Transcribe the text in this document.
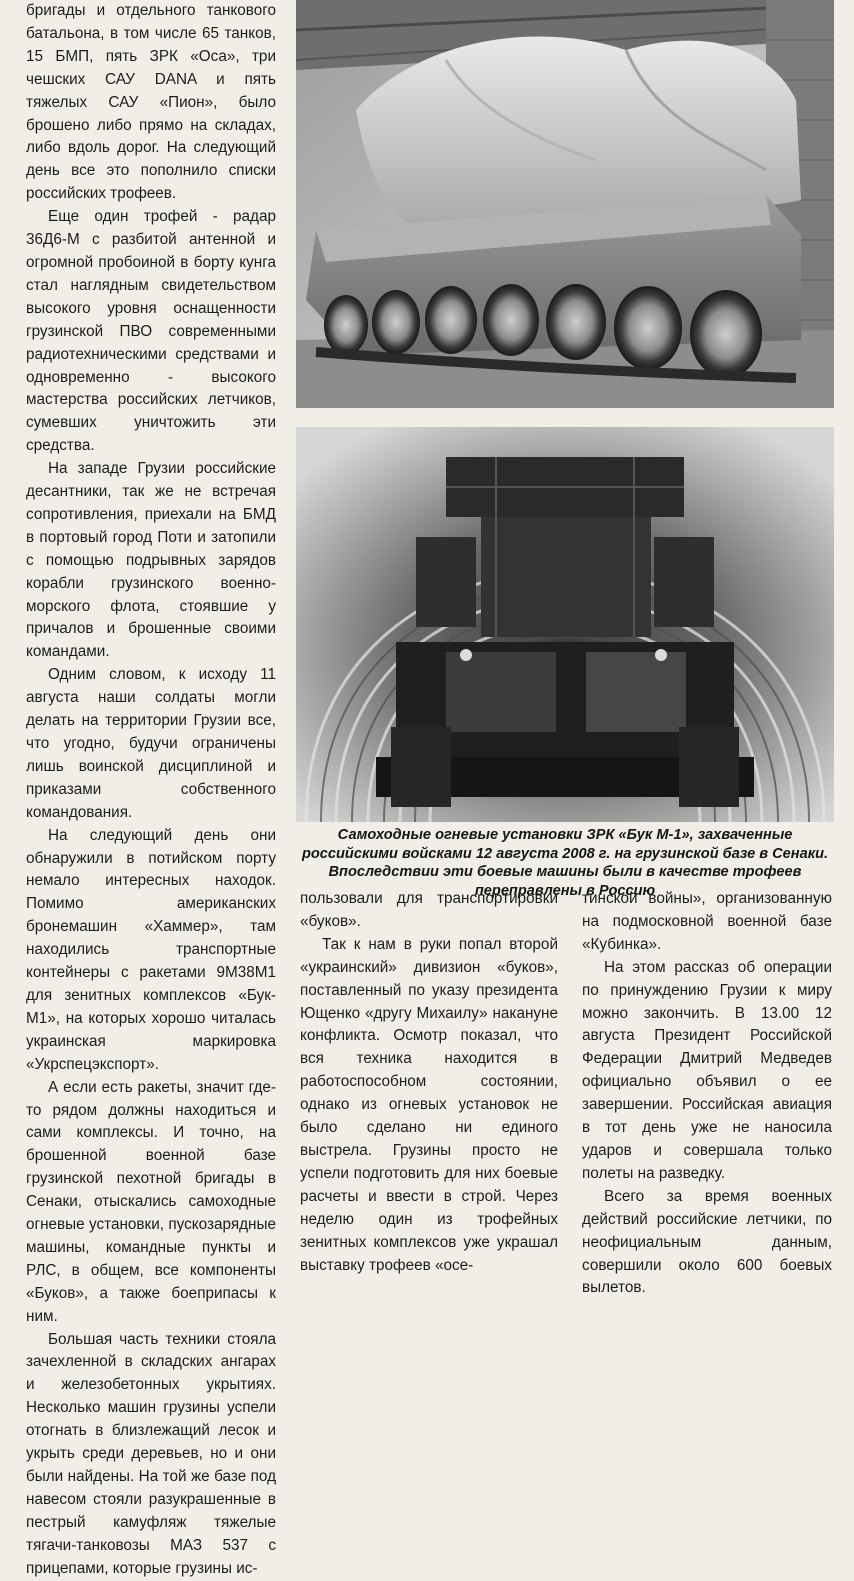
бригады и отдельного танкового батальона, в том числе 65 танков, 15 БМП, пять ЗРК «Оса», три чешских САУ DANA и пять тяжелых САУ «Пион», было брошено либо прямо на складах, либо вдоль дорог. На следующий день все это пополнило списки российских трофеев.

Еще один трофей - радар 36Д6-М с разбитой антенной и огромной пробоиной в борту кунга стал наглядным свидетельством высокого уровня оснащенности грузинской ПВО современными радиотехническими средствами и одновременно - высокого мастерства российских летчиков, сумевших уничтожить эти средства.

На западе Грузии российские десантники, так же не встречая сопротивления, приехали на БМД в портовый город Поти и затопили с помощью подрывных зарядов корабли грузинского военно-морского флота, стоявшие у причалов и брошенные своими командами.

Одним словом, к исходу 11 августа наши солдаты могли делать на территории Грузии все, что угодно, будучи ограничены лишь воинской дисциплиной и приказами собственного командования.

На следующий день они обнаружили в потийском порту немало интересных находок. Помимо американских бронемашин «Хаммер», там находились транспортные контейнеры с ракетами 9М38М1 для зенитных комплексов «Бук-М1», на которых хорошо читалась украинская маркировка «Укрспецэкспорт».

А если есть ракеты, значит где-то рядом должны находиться и сами комплексы. И точно, на брошенной военной базе грузинской пехотной бригады в Сенаки, отыскались самоходные огневые установки, пускозарядные машины, командные пункты и РЛС, в общем, все компоненты «Буков», а также боеприпасы к ним.

Большая часть техники стояла зачехленной в складских ангарах и железобетонных укрытиях. Несколько машин грузины успели отогнать в близлежащий лесок и укрыть среди деревьев, но и они были найдены. На той же базе под навесом стояли разукрашенные в пестрый камуфляж тяжелые тягачи-танковозы МАЗ 537 с прицепами, которые грузины ис-

Самоходные огневые установки ЗРК «Бук М-1», захваченные российскими войсками 12 августа 2008 г. на грузинской базе в Сенаки. Впоследствии эти боевые машины были в качестве трофеев переправлены в Россию

пользовали для транспортировки «буков».

Так к нам в руки попал второй «украинский» дивизион «буков», поставленный по указу президента Ющенко «другу Михаилу» накануне конфликта. Осмотр показал, что вся техника находится в работоспособном состоянии, однако из огневых установок не было сделано ни единого выстрела. Грузины просто не успели подготовить для них боевые расчеты и ввести в строй. Через неделю один из трофейных зенитных комплексов уже украшал выставку трофеев «осе-

тинской войны», организованную на подмосковной военной базе «Кубинка».

На этом рассказ об операции по принуждению Грузии к миру можно закончить. В 13.00 12 августа Президент Российской Федерации Дмитрий Медведев официально объявил о ее завершении. Российская авиация в тот день уже не наносила ударов и совершала только полеты на разведку.

Всего за время военных действий российские летчики, по неофициальным данным, совершили около 600 боевых вылетов.
